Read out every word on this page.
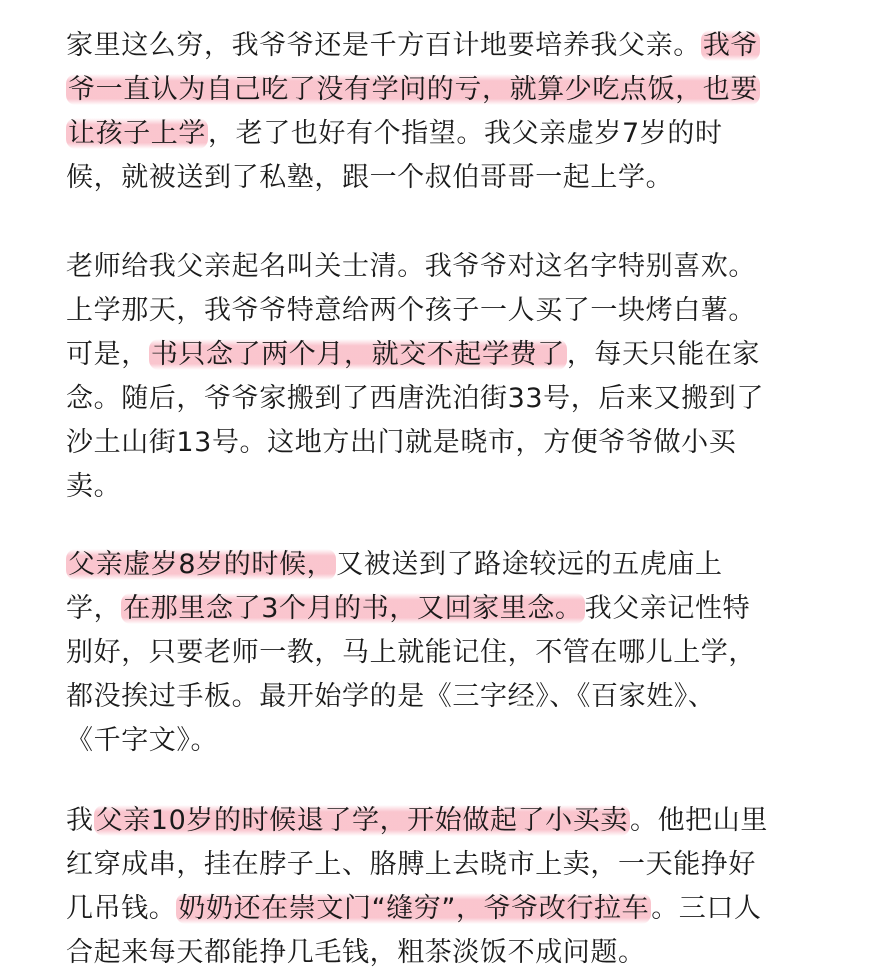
家里这么穷，我爷爷还是千方百计地要培养我父亲。我爷
爷一直认为自己吃了没有学问的亏，就算少吃点饭，也要
让孩子上学，老了也好有个指望。我父亲虚岁7岁的时
候，就被送到了私塾，跟一个叔伯哥哥一起上学。
老师给我父亲起名叫关士清。我爷爷对这名字特别喜欢。
上学那天，我爷爷特意给两个孩子一人买了一块烤白薯。
可是，书只念了两个月，就交不起学费了，每天只能在家
念。随后，爷爷家搬到了西唐洗泊街33号，后来又搬到了
沙土山街13号。这地方出门就是晓市，方便爷爷做小买
卖。
父亲虚岁8岁的时候，又被送到了路途较远的五虎庙上
学，在那里念了3个月的书，又回家里念。我父亲记性特
别好，只要老师一教，马上就能记住，不管在哪儿上学，
都没挨过手板。最开始学的是《三字经》、《百家姓》、
《千字文》。
我父亲10岁的时候退了学，开始做起了小买卖。他把山里
红穿成串，挂在脖子上、胳膊上去晓市上卖，一天能挣好
几吊钱。奶奶还在崇文门“缝穷”，爷爷改行拉车。三口人
合起来每天都能挣几毛钱，粗茶淡饭不成问题。
